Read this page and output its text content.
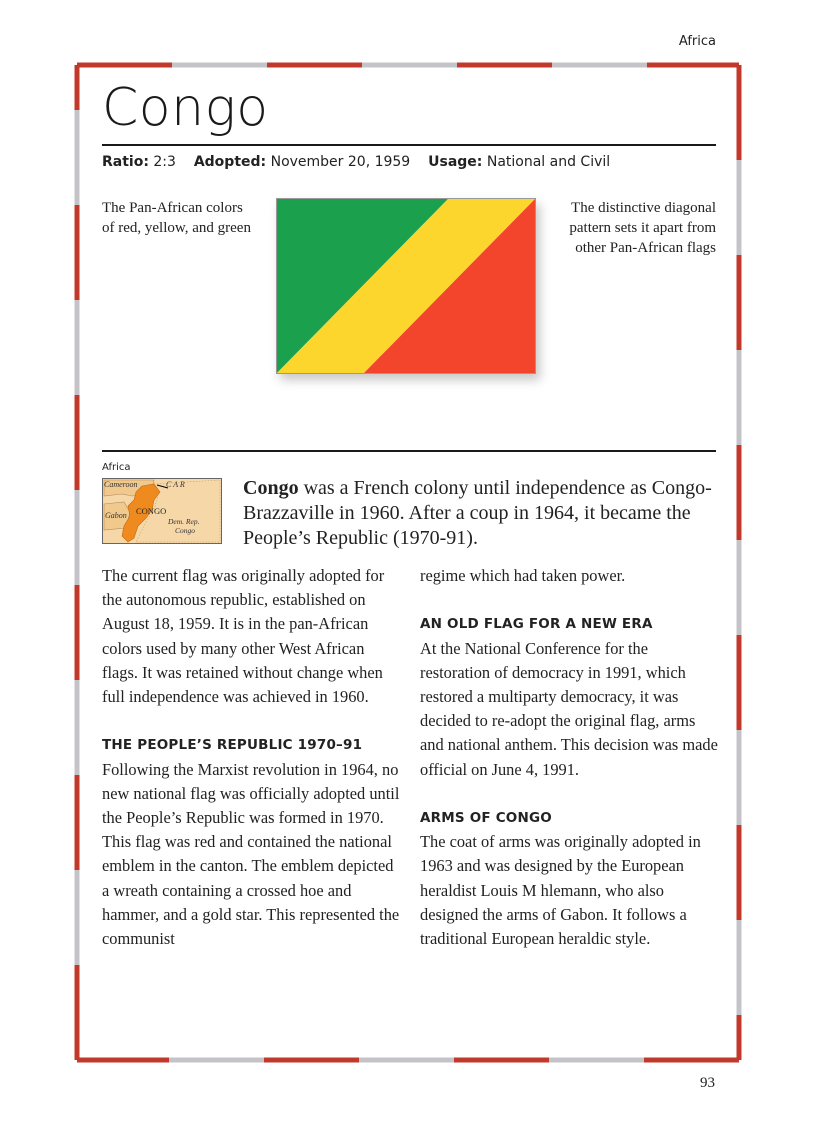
Africa
93
Congo
Ratio: 2:3 Adopted: November 20, 1959 Usage: National and Civil
The Pan-African colors of red, yellow, and green
The distinctive diagonal pattern sets it apart from other Pan-African flags
Africa
Cameroon	C A R
Gabon CONGO
Dem. Rep.
Congo
Congo was a French colony until independence as Congo-Brazzaville in 1960. After a coup in 1964, it became the People’s Republic (1970-91).

The current flag was originally adopted for the autonomous republic, established on August 18, 1959. It is in the pan-African colors used by many other West African flags. It was retained without change when full independence was achieved in 1960.

THE PEOPLE’S REPUBLIC 1970–91

Following the Marxist revolution in 1964, no new national flag was officially adopted until the People’s Republic was formed in 1970.

This flag was red and contained the national emblem in the canton. The emblem depicted a wreath containing a crossed hoe and hammer, and a gold star. This represented the communist

regime which had taken power.

AN OLD FLAG FOR A NEW ERA

At the National Conference for the restoration of democracy in 1991, which restored a multiparty democracy, it was decided to re-adopt the original flag, arms and national anthem. This decision was made official on June 4, 1991.

ARMS OF CONGO

The coat of arms was originally adopted in 1963 and was designed by the European heraldist Louis M hlemann, who also designed the arms of Gabon. It follows a traditional European heraldic style.
